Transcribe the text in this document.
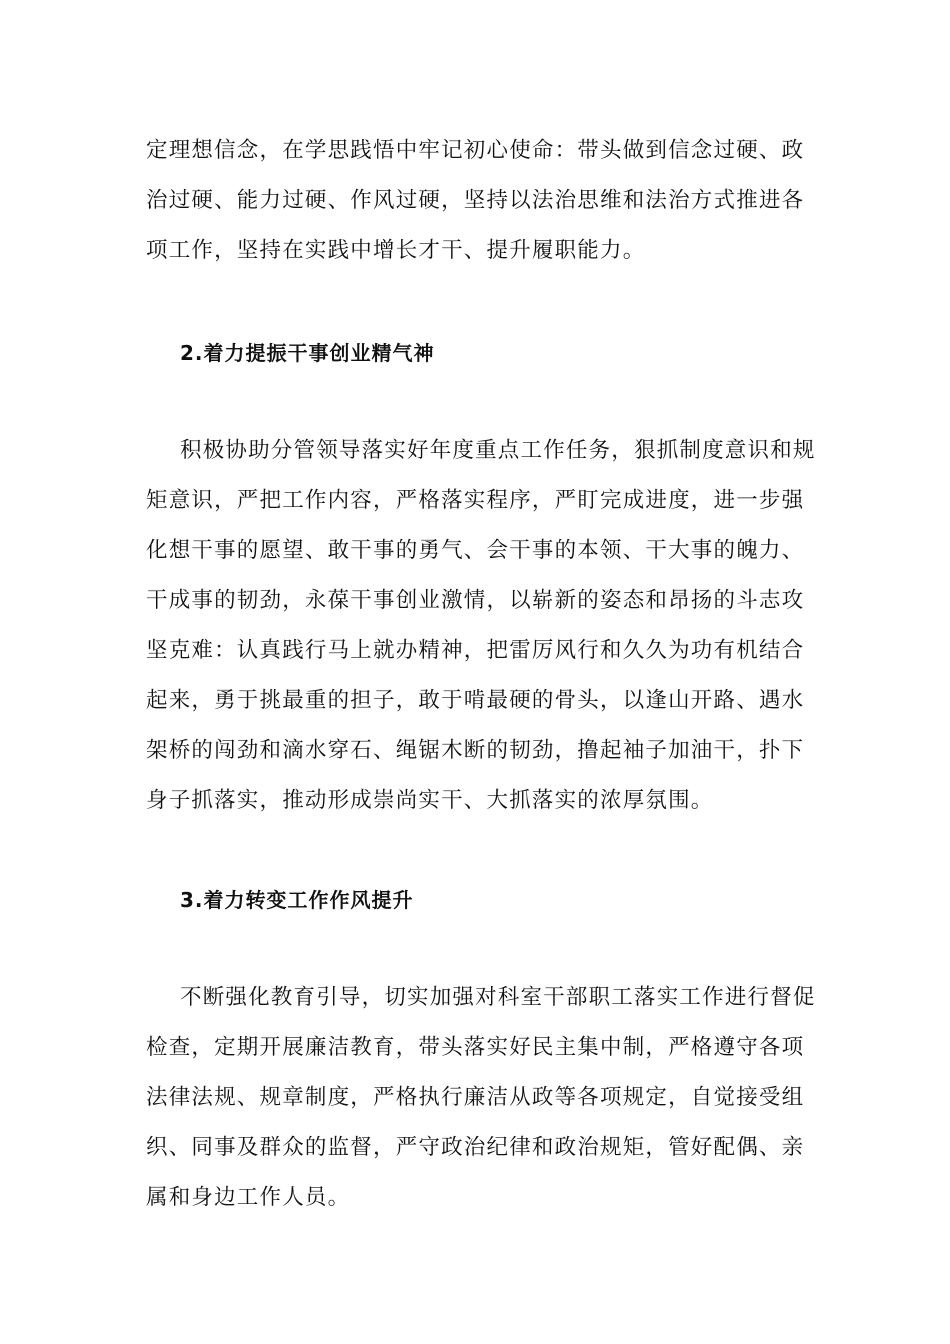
定理想信念，在学思践悟中牢记初心使命：带头做到信念过硬、政
治过硬、能力过硬、作风过硬，坚持以法治思维和法治方式推进各
项工作，坚持在实践中增长才干、提升履职能力。
2.着力提振干事创业精气神
积极协助分管领导落实好年度重点工作任务，狠抓制度意识和规
矩意识，严把工作内容，严格落实程序，严盯完成进度，进一步强
化想干事的愿望、敢干事的勇气、会干事的本领、干大事的魄力、
干成事的韧劲，永葆干事创业激情，以崭新的姿态和昂扬的斗志攻
坚克难：认真践行马上就办精神，把雷厉风行和久久为功有机结合
起来，勇于挑最重的担子，敢于啃最硬的骨头，以逢山开路、遇水
架桥的闯劲和滴水穿石、绳锯木断的韧劲，撸起袖子加油干，扑下
身子抓落实，推动形成崇尚实干、大抓落实的浓厚氛围。
3.着力转变工作作风提升
不断强化教育引导，切实加强对科室干部职工落实工作进行督促
检查，定期开展廉洁教育，带头落实好民主集中制，严格遵守各项
法律法规、规章制度，严格执行廉洁从政等各项规定，自觉接受组
织、同事及群众的监督，严守政治纪律和政治规矩，管好配偶、亲
属和身边工作人员。
